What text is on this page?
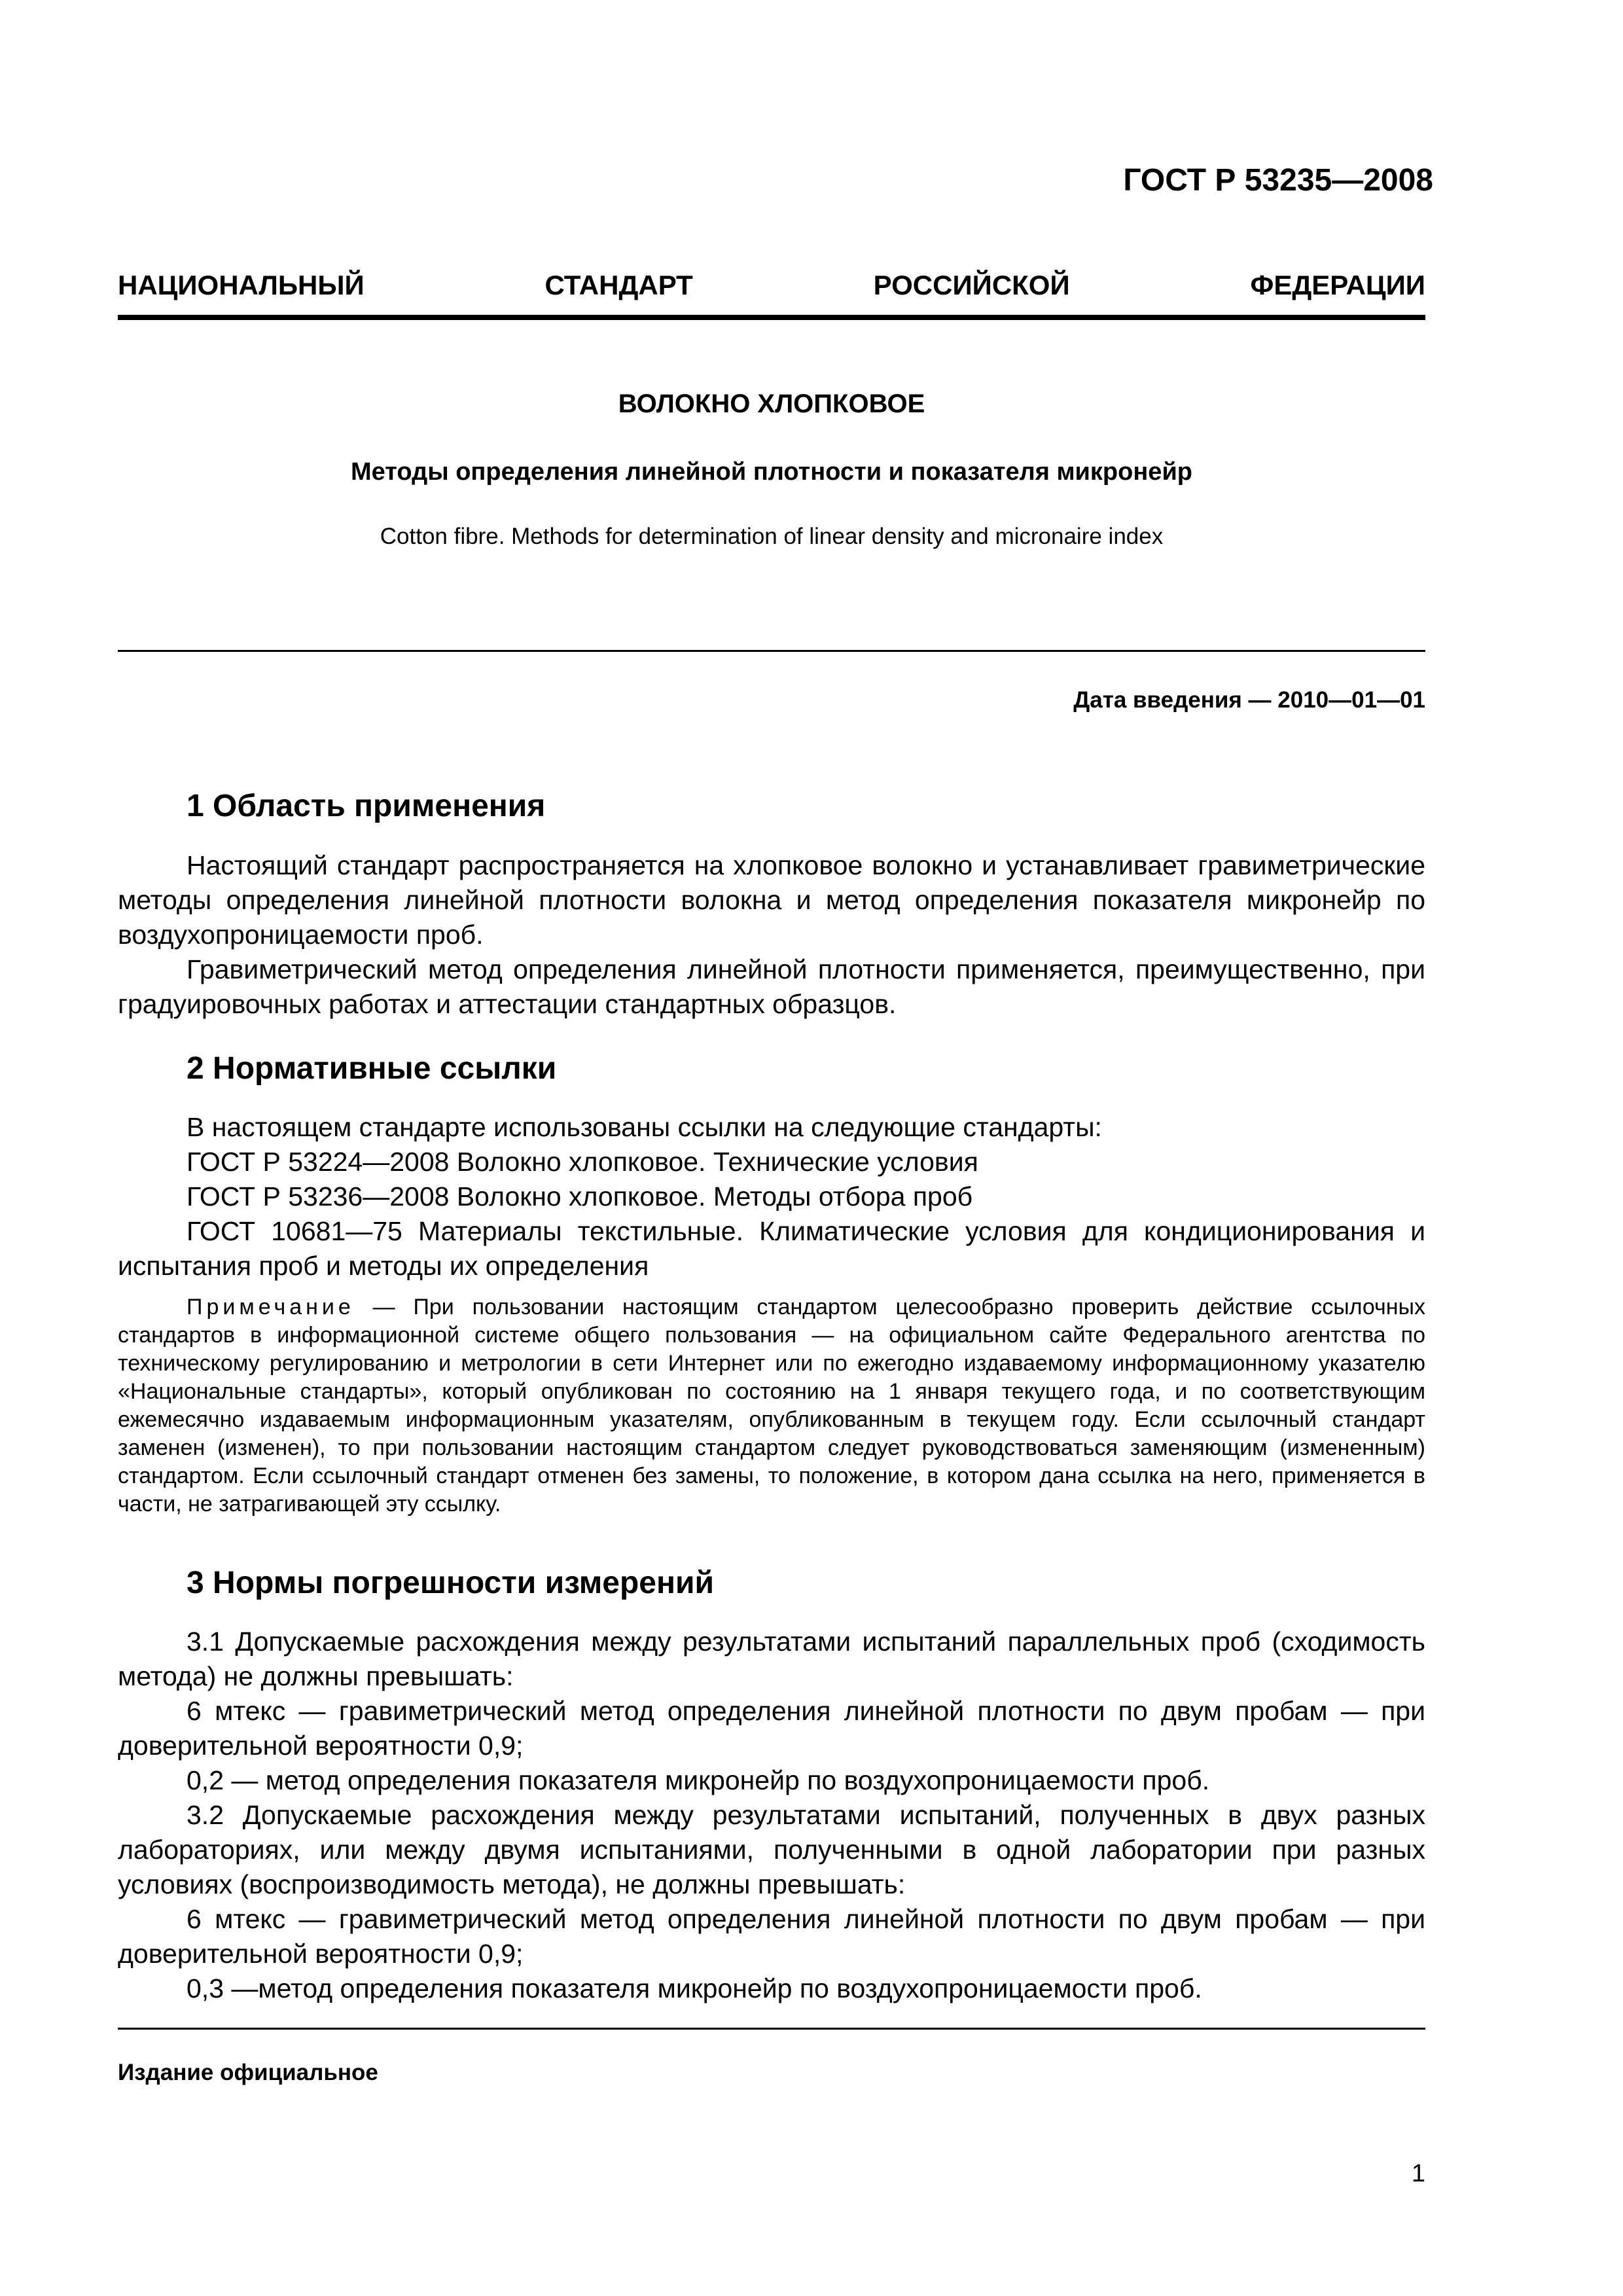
ГОСТ Р 53235—2008
НАЦИОНАЛЬНЫЙ СТАНДАРТ РОССИЙСКОЙ ФЕДЕРАЦИИ
ВОЛОКНО ХЛОПКОВОЕ
Методы определения линейной плотности и показателя микронейр
Cotton fibre. Methods for determination of linear density and micronaire index
Дата введения — 2010—01—01
1 Область применения

Настоящий стандарт распространяется на хлопковое волокно и устанавливает гравиметрические методы определения линейной плотности волокна и метод определения показателя микронейр по воздухопроницаемости проб.

Гравиметрический метод определения линейной плотности применяется, преимущественно, при градуировочных работах и аттестации стандартных образцов.

2 Нормативные ссылки

В настоящем стандарте использованы ссылки на следующие стандарты:

ГОСТ Р 53224—2008 Волокно хлопковое. Технические условия

ГОСТ Р 53236—2008 Волокно хлопковое. Методы отбора проб

ГОСТ 10681—75 Материалы текстильные. Климатические условия для кондиционирования и испытания проб и методы их определения

Примечание — При пользовании настоящим стандартом целесообразно проверить действие ссылочных стандартов в информационной системе общего пользования — на официальном сайте Федерального агентства по техническому регулированию и метрологии в сети Интернет или по ежегодно издаваемому информационному указателю «Национальные стандарты», который опубликован по состоянию на 1 января текущего года, и по соответствующим ежемесячно издаваемым информационным указателям, опубликованным в текущем году. Если ссылочный стандарт заменен (изменен), то при пользовании настоящим стандартом следует руководствоваться заменяющим (измененным) стандартом. Если ссылочный стандарт отменен без замены, то положение, в котором дана ссылка на него, применяется в части, не затрагивающей эту ссылку.

3 Нормы погрешности измерений

3.1 Допускаемые расхождения между результатами испытаний параллельных проб (сходимость метода) не должны превышать:

6 мтекс — гравиметрический метод определения линейной плотности по двум пробам — при доверительной вероятности 0,9;

0,2 — метод определения показателя микронейр по воздухопроницаемости проб.

3.2 Допускаемые расхождения между результатами испытаний, полученных в двух разных лабораториях, или между двумя испытаниями, полученными в одной лаборатории при разных условиях (воспроизводимость метода), не должны превышать:

6 мтекс — гравиметрический метод определения линейной плотности по двум пробам — при доверительной вероятности 0,9;

0,3 —метод определения показателя микронейр по воздухопроницаемости проб.

Издание официальное
1
